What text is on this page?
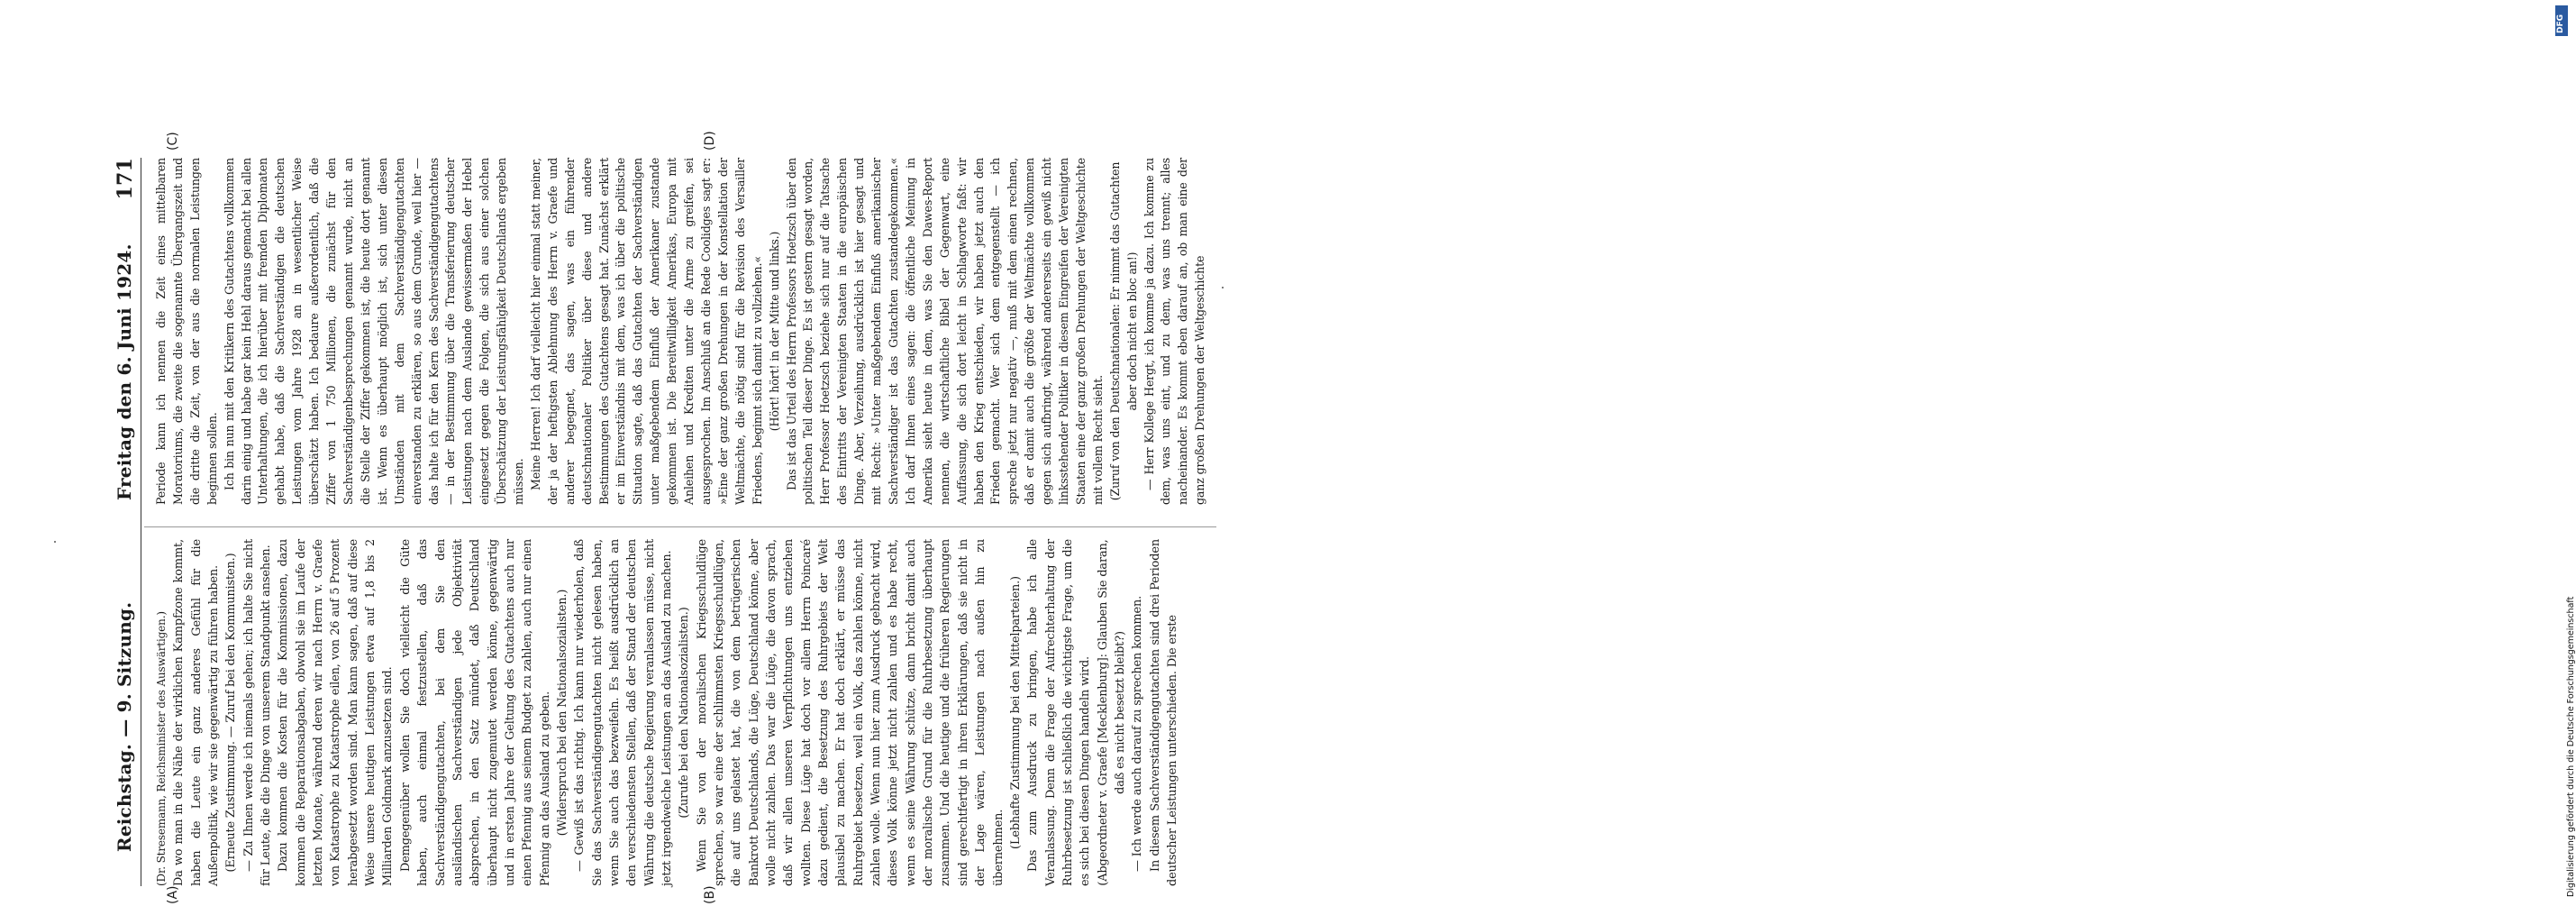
Reichstag. — 9. Sitzung.
Freitag den 6. Juni 1924.
171
(A)	(B)
(C)	(D)

(Dr. Stresemann, Reichsminister des Auswärtigen.) Da wo man in die Nähe der wirklichen Kampfzone kommt, haben die Leute ein ganz anderes Gefühl für die Außenpolitik, wie wir sie gegenwärtig zu führen haben. (Erneute Zustimmung. — Zuruf bei den Kommunisten.) — Zu Ihnen werde ich niemals gehen; ich halte Sie nicht für Leute, die die Dinge von unserem Standpunkt ansehen. Dazu kommen die Kosten für die Kommissionen, dazu kommen die Reparationsabgaben, obwohl sie im Laufe der letzten Monate, während deren wir nach Herrn v. Graefe von Katastrophe zu Katastrophe eilen, von 26 auf 5 Prozent herabgesetzt worden sind. Man kann sagen, daß auf diese Weise unsere heutigen Leistungen etwa auf 1,8 bis 2 Milliarden Goldmark anzusetzen sind. Demgegenüber wollen Sie doch vielleicht die Güte haben, auch einmal festzustellen, daß das Sachverständigengutachten, bei dem Sie den ausländischen Sachverständigen jede Objektivität absprechen, in den Satz mündet, daß Deutschland überhaupt nicht zugemutet werden könne, gegenwärtig und in ersten Jahre der Geltung des Gutachtens auch nur einen Pfennig aus seinem Budget zu zahlen, auch nur einen Pfennig an das Ausland zu geben. (Widerspruch bei den Nationalsozialisten.) — Gewiß ist das richtig. Ich kann nur wiederholen, daß Sie das Sachverständigengutachten nicht gelesen haben, wenn Sie auch das bezweifeln. Es heißt ausdrücklich an den verschiedensten Stellen, daß der Stand der deutschen Währung die deutsche Regierung veranlassen müsse, nicht jetzt irgendwelche Leistungen an das Ausland zu machen. (Zurufe bei den Nationalsozialisten.) Wenn Sie von der moralischen Kriegsschuldlüge sprechen, so war eine der schlimmsten Kriegsschuldlügen, die auf uns gelastet hat, die von dem betrügerischen Bankrott Deutschlands, die Lüge, Deutschland könne, aber wolle nicht zahlen. Das war die Lüge, die davon sprach, daß wir allen unseren Verpflichtungen uns entziehen wollten. Diese Lüge hat doch vor allem Herrn Poincaré dazu gedient, die Besetzung des Ruhrgebiets der Welt plausibel zu machen. Er hat doch erklärt, er müsse das Ruhrgebiet besetzen, weil ein Volk, das zahlen könne, nicht zahlen wolle. Wenn nun hier zum Ausdruck gebracht wird, dieses Volk könne jetzt nicht zahlen und es habe recht, wenn es seine Währung schütze, dann bricht damit auch der moralische Grund für die Ruhrbesetzung überhaupt zusammen. Und die heutige und die früheren Regierungen sind gerechtfertigt in ihren Erklärungen, daß sie nicht in der Lage wären, Leistungen nach außen hin zu übernehmen. (Lebhafte Zustimmung bei den Mittelparteien.) Das zum Ausdruck zu bringen, habe ich alle Veranlassung. Denn die Frage der Aufrechterhaltung der Ruhrbesetzung ist schließlich die wichtigste Frage, um die es sich bei diesen Dingen handeln wird. (Abgeordneter v. Graefe [Mecklenburg]: Glauben Sie daran, daß es nicht besetzt bleibt?) — Ich werde auch darauf zu sprechen kommen. In diesem Sachverständigengutachten sind drei Perioden deutscher Leistungen unterschieden. Die erste

Periode kann ich nennen die Zeit eines mittelbaren Moratoriums, die zweite die sogenannte Übergangszeit und die dritte die Zeit, von der aus die normalen Leistungen beginnen sollen. Ich bin nun mit den Kritikern des Gutachtens vollkommen darin einig und habe gar kein Hehl daraus gemacht bei allen Unterhaltungen, die ich hierüber mit fremden Diplomaten gehabt habe, daß die Sachverständigen die deutschen Leistungen vom Jahre 1928 an in wesentlicher Weise überschätzt haben. Ich bedaure außerordentlich, daß die Ziffer von 1 750 Millionen, die zunächst für den Sachverständigenbesprechungen genannt wurde, nicht an die Stelle der Ziffer gekommen ist, die heute dort genannt ist. Wenn es überhaupt möglich ist, sich unter diesen Umständen mit dem Sachverständigengutachten einverstanden zu erklären, so aus dem Grunde, weil hier — das halte ich für den Kern des Sachverständigengutachtens — in der Bestimmung über die Transferierung deutscher Leistungen nach dem Auslande gewissermaßen der Hebel eingesetzt gegen die Folgen, die sich aus einer solchen Überschätzung der Leistungsfähigkeit Deutschlands ergeben müssen. Meine Herren! Ich darf vielleicht hier einmal statt meiner, der ja der heftigsten Ablehnung des Herrn v. Graefe und anderer begegnet, das sagen, was ein führender deutschnationaler Politiker über diese und andere Bestimmungen des Gutachtens gesagt hat. Zunächst erklärt er im Einverständnis mit dem, was ich über die politische Situation sagte, daß das Gutachten der Sachverständigen unter maßgebendem Einfluß der Amerikaner zustande gekommen ist. Die Bereitwilligkeit Amerikas, Europa mit Anleihen und Krediten unter die Arme zu greifen, sei ausgesprochen. Im Anschluß an die Rede Coolidges sagt er: »Eine der ganz großen Drehungen in der Konstellation der Weltmächte, die nötig sind für die Revision des Versailler Friedens, beginnt sich damit zu vollziehen.« (Hört! hört! in der Mitte und links.) Das ist das Urteil des Herrn Professors Hoetzsch über den politischen Teil dieser Dinge. Es ist gestern gesagt worden, Herr Professor Hoetzsch beziehe sich nur auf die Tatsache des Eintritts der Vereinigten Staaten in die europäischen Dinge. Aber, Verzeihung, ausdrücklich ist hier gesagt und mit Recht: »Unter maßgebendem Einfluß amerikanischer Sachverständiger ist das Gutachten zustandegekommen.« Ich darf Ihnen eines sagen: die öffentliche Meinung in Amerika sieht heute in dem, was Sie den Dawes-Report nennen, die wirtschaftliche Bibel der Gegenwart, eine Auffassung, die sich dort leicht in Schlagworte faßt: wir haben den Krieg entschieden, wir haben jetzt auch den Frieden gemacht. Wer sich dem entgegenstellt — ich spreche jetzt nur negativ —, muß mit dem einen rechnen, daß er damit auch die größte der Weltmächte vollkommen gegen sich aufbringt, während andererseits ein gewiß nicht linksstehender Politiker in diesem Eingreifen der Vereinigten Staaten eine der ganz großen Drehungen der Weltgeschichte mit vollem Recht sieht. (Zuruf von den Deutschnationalen: Er nimmt das Gutachten aber doch nicht en bloc an!) — Herr Kollege Hergt, ich komme ja dazu. Ich komme zu dem, was uns eint, und zu dem, was uns trennt; alles nacheinander. Es kommt eben darauf an, ob man eine der ganz großen Drehungen der Weltgeschichte

DFG
Digitalisierung gefördert durch die Deutsche Forschungsgemeinschaft
